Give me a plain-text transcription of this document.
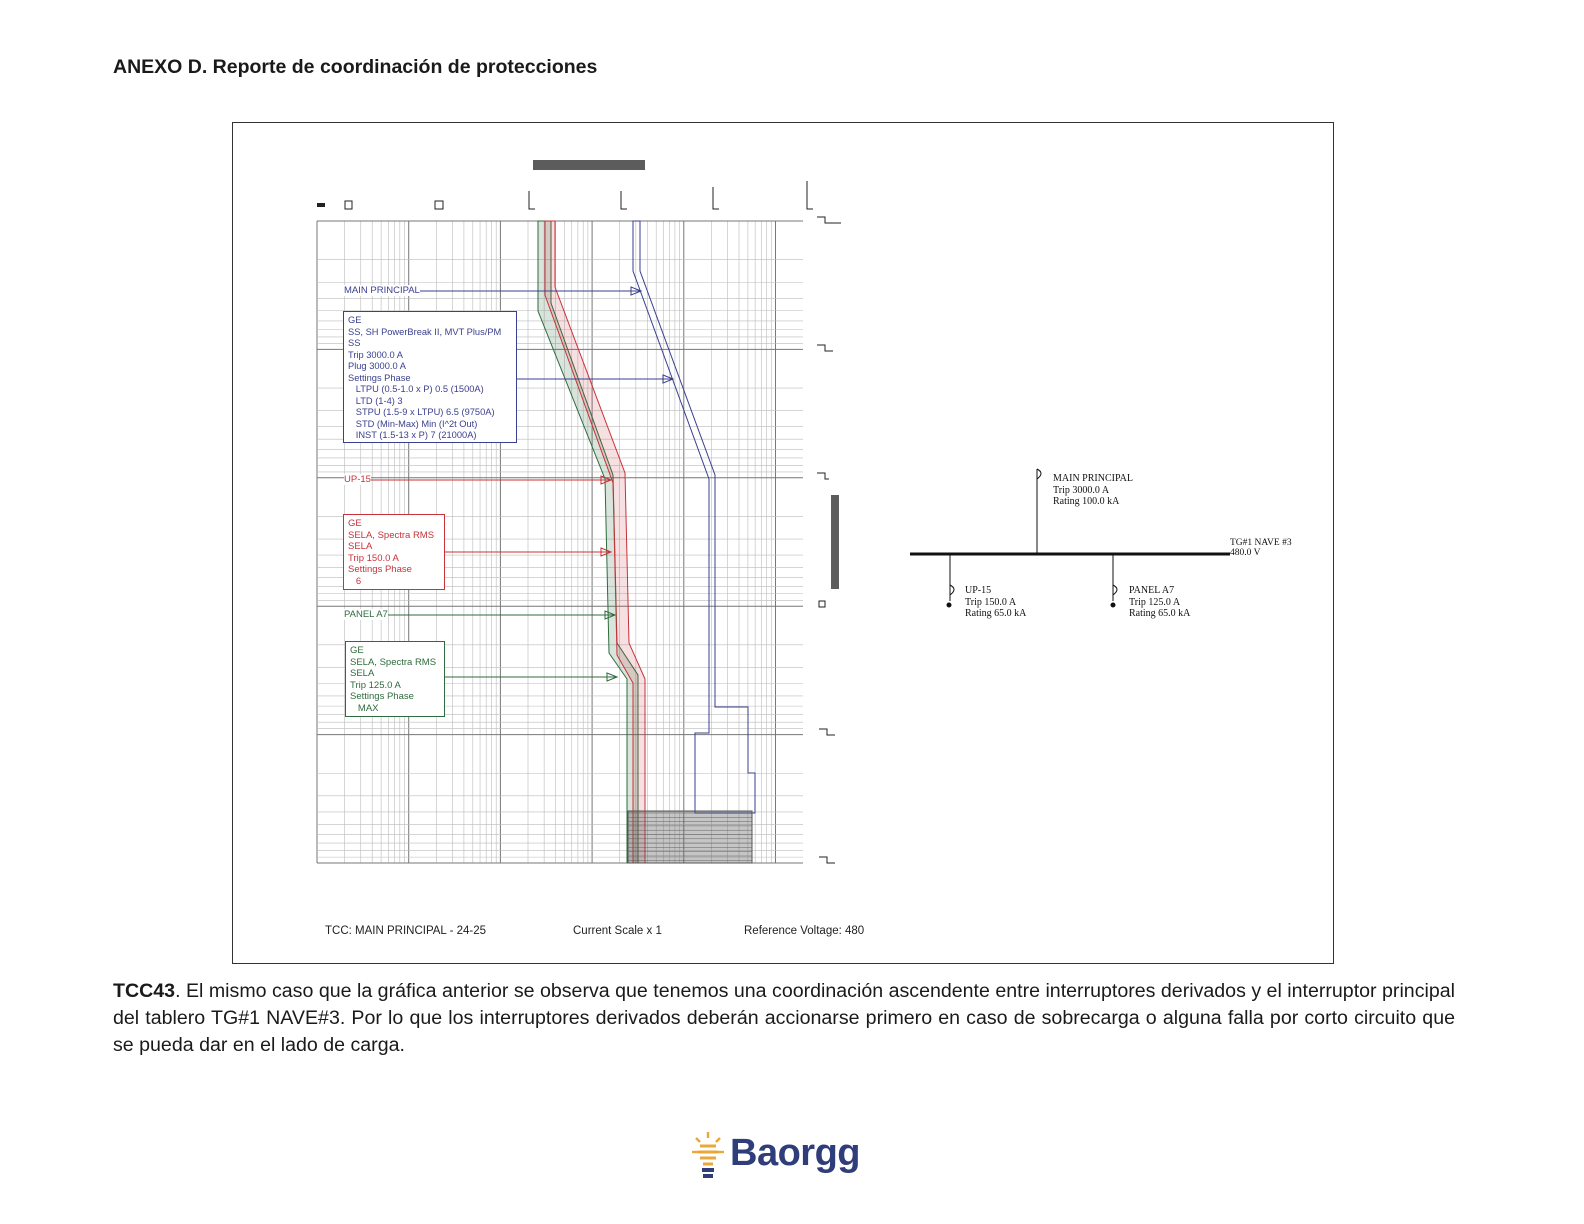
ANEXO D. Reporte de coordinación de protecciones
MAIN PRINCIPAL
GE
SS, SH PowerBreak II, MVT Plus/PM
SS
Trip 3000.0 A
Plug 3000.0 A
Settings Phase
LTPU (0.5-1.0 x P) 0.5 (1500A)
LTD (1-4) 3
STPU (1.5-9 x LTPU) 6.5 (9750A)
STD (Min-Max) Min (I^2t Out)
INST (1.5-13 x P) 7 (21000A)
UP-15
GE
SELA, Spectra RMS
SELA
Trip 150.0 A
Settings Phase
6
PANEL A7
GE
SELA, Spectra RMS
SELA
Trip 125.0 A
Settings Phase
MAX
MAIN PRINCIPAL
Trip 3000.0 A
Rating 100.0 kA
TG#1 NAVE #3
480.0 V
UP-15
Trip 150.0 A
Rating 65.0 kA
PANEL A7
Trip 125.0 A
Rating 65.0 kA
TCC: MAIN PRINCIPAL - 24-25	Current Scale x 1	Reference Voltage: 480
TCC43. El mismo caso que la gráfica anterior se observa que tenemos una coordinación ascendente entre interruptores derivados y el interruptor principal del tablero TG#1 NAVE#3. Por lo que los interruptores derivados deberán accionarse primero en caso de sobrecarga o alguna falla por corto circuito que se pueda dar en el lado de carga.
Baorgg
